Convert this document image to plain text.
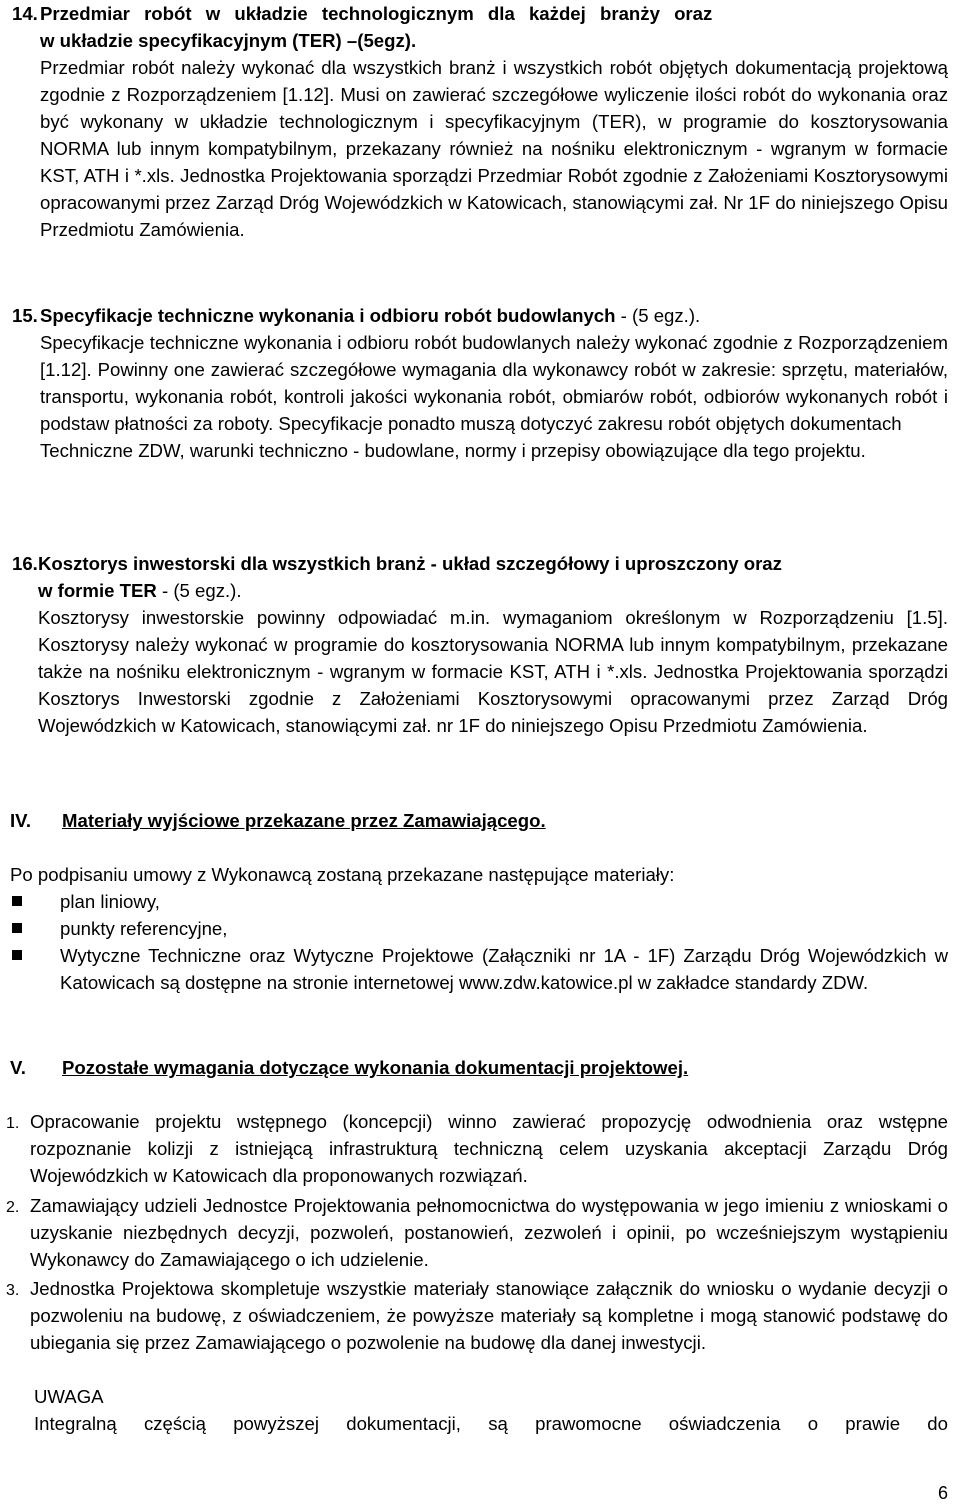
14. Przedmiar robót w układzie technologicznym dla każdej branży oraz
w układzie specyfikacyjnym (TER) –(5egz).

Przedmiar robót należy wykonać dla wszystkich branż i wszystkich robót objętych dokumentacją projektową zgodnie z Rozporządzeniem [1.12]. Musi on zawierać szczegółowe wyliczenie ilości robót do wykonania oraz być wykonany w układzie technologicznym i specyfikacyjnym (TER), w programie do kosztorysowania NORMA lub innym kompatybilnym, przekazany również na nośniku elektronicznym - wgranym w formacie KST, ATH i *.xls. Jednostka Projektowania sporządzi Przedmiar Robót zgodnie z Założeniami Kosztorysowymi opracowanymi przez Zarząd Dróg Wojewódzkich w Katowicach, stanowiącymi zał. Nr 1F do niniejszego Opisu Przedmiotu Zamówienia.

15. Specyfikacje techniczne wykonania i odbioru robót budowlanych - (5 egz.).

Specyfikacje techniczne wykonania i odbioru robót budowlanych należy wykonać zgodnie z Rozporządzeniem [1.12]. Powinny one zawierać szczegółowe wymagania dla wykonawcy robót w zakresie: sprzętu, materiałów, transportu, wykonania robót, kontroli jakości wykonania robót, obmiarów robót, odbiorów wykonanych robót i podstaw płatności za roboty. Specyfikacje ponadto muszą dotyczyć zakresu robót objętych dokumentach

Techniczne ZDW, warunki techniczno - budowlane, normy i przepisy obowiązujące dla tego projektu.

16. Kosztorys inwestorski dla wszystkich branż - układ szczegółowy i uproszczony oraz
w formie TER - (5 egz.).

Kosztorysy inwestorskie powinny odpowiadać m.in. wymaganiom określonym w Rozporządzeniu [1.5]. Kosztorysy należy wykonać w programie do kosztorysowania NORMA lub innym kompatybilnym, przekazane także na nośniku elektronicznym - wgranym w formacie KST, ATH i *.xls. Jednostka Projektowania sporządzi Kosztorys Inwestorski zgodnie z Założeniami Kosztorysowymi opracowanymi przez Zarząd Dróg Wojewódzkich w Katowicach, stanowiącymi zał. nr 1F do niniejszego Opisu Przedmiotu Zamówienia.

IV. Materiały wyjściowe przekazane przez Zamawiającego.
Po podpisaniu umowy z Wykonawcą zostaną przekazane następujące materiały:
plan liniowy,
punkty referencyjne,

Wytyczne Techniczne oraz Wytyczne Projektowe (Załączniki nr 1A - 1F) Zarządu Dróg Wojewódzkich w Katowicach są dostępne na stronie internetowej www.zdw.katowice.pl w zakładce standardy ZDW.

V. Pozostałe wymagania dotyczące wykonania dokumentacji projektowej.
1. Opracowanie projektu wstępnego (koncepcji) winno zawierać propozycję odwodnienia oraz wstępne rozpoznanie kolizji z istniejącą infrastrukturą techniczną celem uzyskania akceptacji Zarządu Dróg Wojewódzkich w Katowicach dla proponowanych rozwiązań.

2. Zamawiający udzieli Jednostce Projektowania pełnomocnictwa do występowania w jego imieniu z wnioskami o uzyskanie niezbędnych decyzji, pozwoleń, postanowień, zezwoleń i opinii, po wcześniejszym wystąpieniu Wykonawcy do Zamawiającego o ich udzielenie.

3. Jednostka Projektowa skompletuje wszystkie materiały stanowiące załącznik do wniosku o wydanie decyzji o pozwoleniu na budowę, z oświadczeniem, że powyższe materiały są kompletne i mogą stanowić podstawę do ubiegania się przez Zamawiającego o pozwolenie na budowę dla danej inwestycji.

UWAGA

Integralną częścią powyższej dokumentacji, są prawomocne oświadczenia o prawie do

6
